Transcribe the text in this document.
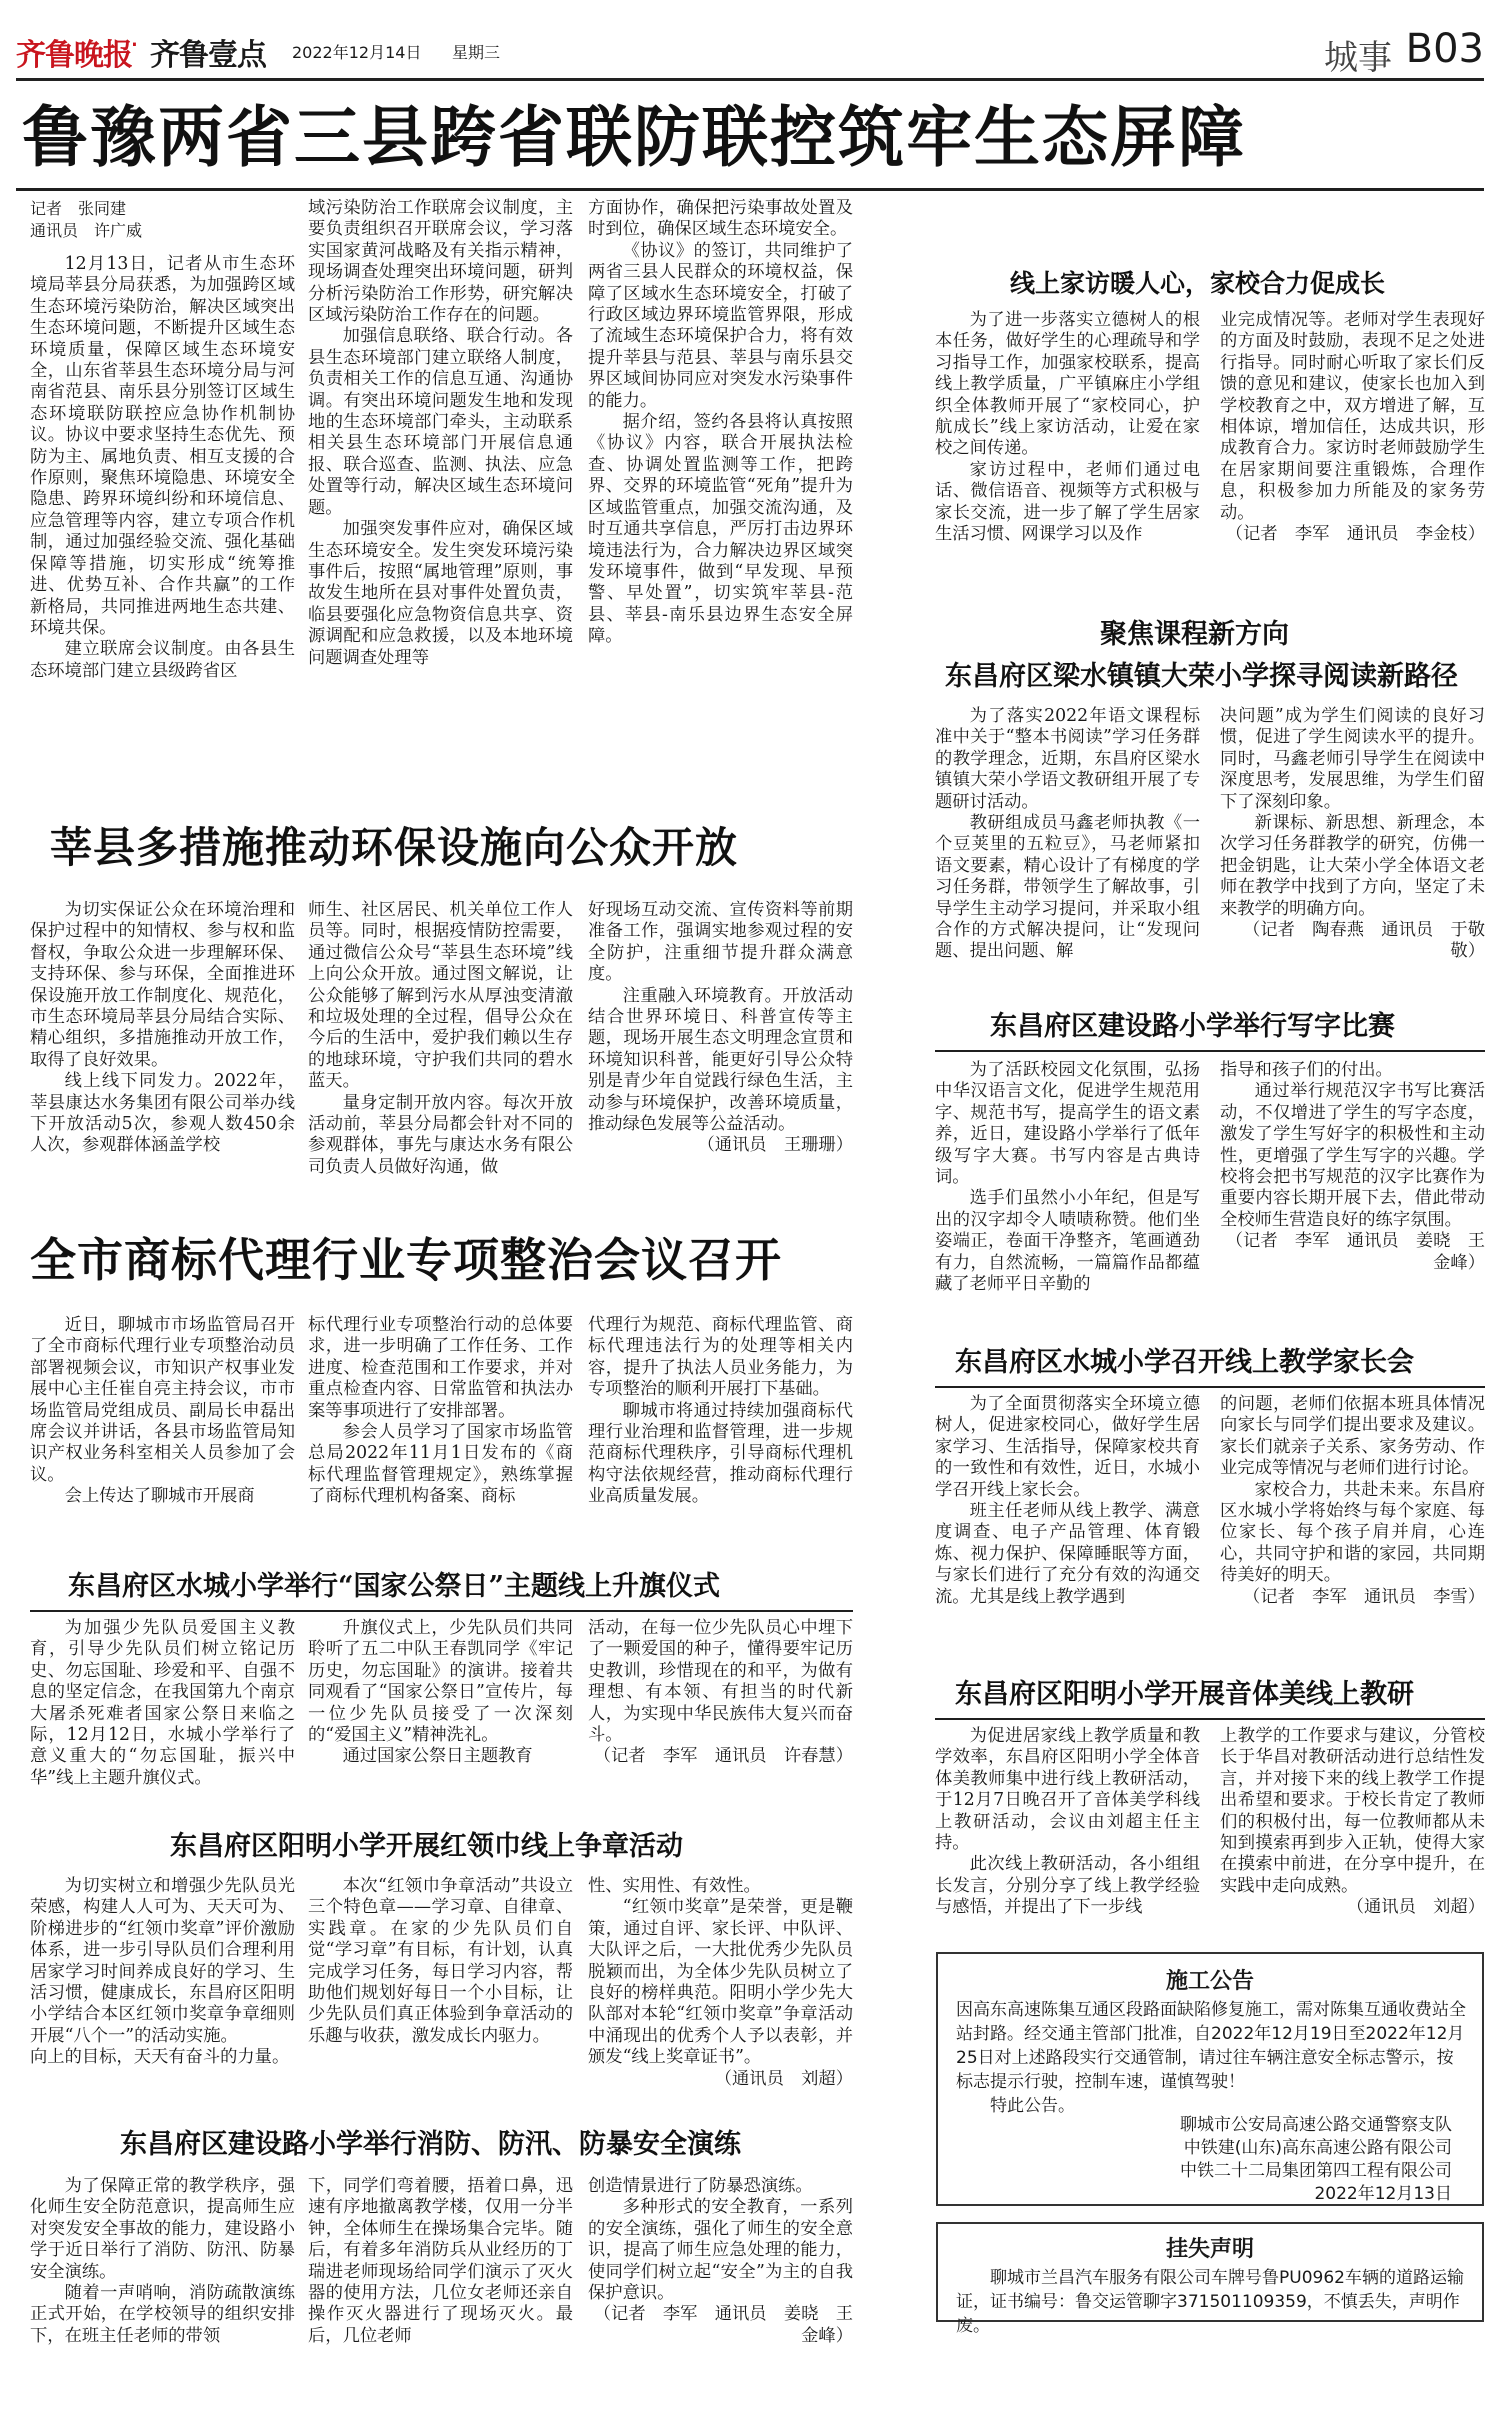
齐鲁晚报
· 齐鲁壹点 2022年12月14日 星期三	城事 B03
鲁豫两省三县跨省联防联控筑牢生态屏障
记者　张同建
通讯员　许广威

12月13日，记者从市生态环境局莘县分局获悉，为加强跨区域生态环境污染防治，解决区域突出生态环境问题，不断提升区域生态环境质量，保障区域生态环境安全，山东省莘县生态环境分局与河南省范县、南乐县分别签订区域生态环境联防联控应急协作机制协议。协议中要求坚持生态优先、预防为主、属地负责、相互支援的合作原则，聚焦环境隐患、环境安全隐患、跨界环境纠纷和环境信息、应急管理等内容，建立专项合作机制，通过加强经验交流、强化基础保障等措施，切实形成“统筹推进、优势互补、合作共赢”的工作新格局，共同推进两地生态共建、环境共保。

建立联席会议制度。由各县生态环境部门建立县级跨省区

域污染防治工作联席会议制度，主要负责组织召开联席会议，学习落实国家黄河战略及有关指示精神，现场调查处理突出环境问题，研判分析污染防治工作形势，研究解决区域污染防治工作存在的问题。

加强信息联络、联合行动。各县生态环境部门建立联络人制度，负责相关工作的信息互通、沟通协调。有突出环境问题发生地和发现地的生态环境部门牵头，主动联系相关县生态环境部门开展信息通报、联合巡查、监测、执法、应急处置等行动，解决区域生态环境问题。

加强突发事件应对，确保区域生态环境安全。发生突发环境污染事件后，按照“属地管理”原则，事故发生地所在县对事件处置负责，临县要强化应急物资信息共享、资源调配和应急救援，以及本地环境问题调查处理等

方面协作，确保把污染事故处置及时到位，确保区域生态环境安全。

《协议》的签订，共同维护了两省三县人民群众的环境权益，保障了区域水生态环境安全，打破了行政区域边界环境监管界限，形成了流域生态环境保护合力，将有效提升莘县与范县、莘县与南乐县交界区域间协同应对突发水污染事件的能力。

据介绍，签约各县将认真按照《协议》内容，联合开展执法检查、协调处置监测等工作，把跨界、交界的环境监管“死角”提升为区域监管重点，加强交流沟通，及时互通共享信息，严厉打击边界环境违法行为，合力解决边界区域突发环境事件，做到“早发现、早预警、早处置”，切实筑牢莘县-范县、莘县-南乐县边界生态安全屏障。

莘县多措施推动环保设施向公众开放

为切实保证公众在环境治理和保护过程中的知情权、参与权和监督权，争取公众进一步理解环保、支持环保、参与环保，全面推进环保设施开放工作制度化、规范化，市生态环境局莘县分局结合实际、精心组织，多措施推动开放工作，取得了良好效果。

线上线下同发力。2022年，莘县康达水务集团有限公司举办线下开放活动5次，参观人数450余人次，参观群体涵盖学校

师生、社区居民、机关单位工作人员等。同时，根据疫情防控需要，通过微信公众号“莘县生态环境”线上向公众开放。通过图文解说，让公众能够了解到污水从厚浊变清澈和垃圾处理的全过程，倡导公众在今后的生活中，爱护我们赖以生存的地球环境，守护我们共同的碧水蓝天。

量身定制开放内容。每次开放活动前，莘县分局都会针对不同的参观群体，事先与康达水务有限公司负责人员做好沟通，做

好现场互动交流、宣传资料等前期准备工作，强调实地参观过程的安全防护，注重细节提升群众满意度。

注重融入环境教育。开放活动结合世界环境日、科普宣传等主题，现场开展生态文明理念宣贯和环境知识科普，能更好引导公众特别是青少年自觉践行绿色生活，主动参与环境保护，改善环境质量，推动绿色发展等公益活动。

（通讯员　王珊珊）

全市商标代理行业专项整治会议召开

近日，聊城市市场监管局召开了全市商标代理行业专项整治动员部署视频会议，市知识产权事业发展中心主任崔自亮主持会议，市市场监管局党组成员、副局长申磊出席会议并讲话，各县市场监管局知识产权业务科室相关人员参加了会议。

会上传达了聊城市开展商

标代理行业专项整治行动的总体要求，进一步明确了工作任务、工作进度、检查范围和工作要求，并对重点检查内容、日常监管和执法办案等事项进行了安排部署。

参会人员学习了国家市场监管总局2022年11月1日发布的《商标代理监督管理规定》，熟练掌握了商标代理机构备案、商标

代理行为规范、商标代理监管、商标代理违法行为的处理等相关内容，提升了执法人员业务能力，为专项整治的顺利开展打下基础。

聊城市将通过持续加强商标代理行业治理和监督管理，进一步规范商标代理秩序，引导商标代理机构守法依规经营，推动商标代理行业高质量发展。

东昌府区水城小学举行“国家公祭日”主题线上升旗仪式

为加强少先队员爱国主义教育，引导少先队员们树立铭记历史、勿忘国耻、珍爱和平、自强不息的坚定信念，在我国第九个南京大屠杀死难者国家公祭日来临之际，12月12日，水城小学举行了意义重大的“勿忘国耻，振兴中华”线上主题升旗仪式。

升旗仪式上，少先队员们共同聆听了五二中队王春凯同学《牢记历史，勿忘国耻》的演讲。接着共同观看了“国家公祭日”宣传片，每一位少先队员接受了一次深刻的“爱国主义”精神洗礼。

通过国家公祭日主题教育

活动，在每一位少先队员心中埋下了一颗爱国的种子，懂得要牢记历史教训，珍惜现在的和平，为做有理想、有本领、有担当的时代新人，为实现中华民族伟大复兴而奋斗。

（记者　李军　通讯员　许春慧）

东昌府区阳明小学开展红领巾线上争章活动

为切实树立和增强少先队员光荣感，构建人人可为、天天可为、阶梯进步的“红领巾奖章”评价激励体系，进一步引导队员们合理利用居家学习时间养成良好的学习、生活习惯，健康成长，东昌府区阳明小学结合本区红领巾奖章争章细则开展“八个一”的活动实施。

向上的目标，天天有奋斗的力量。

本次“红领巾争章活动”共设立三个特色章——学习章、自律章、实践章。在家的少先队员们自觉“学习章”有目标，有计划，认真完成学习任务，每日学习内容，帮助他们规划好每日一个小目标，让少先队员们真正体验到争章活动的乐趣与收获，激发成长内驱力。

性、实用性、有效性。

“红领巾奖章”是荣誉，更是鞭策，通过自评、家长评、中队评、大队评之后，一大批优秀少先队员脱颖而出，为全体少先队员树立了良好的榜样典范。阳明小学少先大队部对本轮“红领巾奖章”争章活动中涌现出的优秀个人予以表彰，并颁发“线上奖章证书”。

（通讯员　刘超）

东昌府区建设路小学举行消防、防汛、防暴安全演练

为了保障正常的教学秩序，强化师生安全防范意识，提高师生应对突发安全事故的能力，建设路小学于近日举行了消防、防汛、防暴安全演练。

随着一声哨响，消防疏散演练正式开始，在学校领导的组织安排下，在班主任老师的带领

下，同学们弯着腰，捂着口鼻，迅速有序地撤离教学楼，仅用一分半钟，全体师生在操场集合完毕。随后，有着多年消防兵从业经历的丁瑞进老师现场给同学们演示了灭火器的使用方法，几位女老师还亲自操作灭火器进行了现场灭火。最后，几位老师

创造情景进行了防暴恐演练。

多种形式的安全教育，一系列的安全演练，强化了师生的安全意识，提高了师生应急处理的能力，使同学们树立起“安全”为主的自我保护意识。

（记者　李军　通讯员　姜晓　王金峰）

线上家访暖人心，家校合力促成长

为了进一步落实立德树人的根本任务，做好学生的心理疏导和学习指导工作，加强家校联系，提高线上教学质量，广平镇麻庄小学组织全体教师开展了“家校同心，护航成长”线上家访活动，让爱在家校之间传递。

家访过程中，老师们通过电话、微信语音、视频等方式积极与家长交流，进一步了解了学生居家生活习惯、网课学习以及作

业完成情况等。老师对学生表现好的方面及时鼓励，表现不足之处进行指导。同时耐心听取了家长们反馈的意见和建议，使家长也加入到学校教育之中，双方增进了解，互相体谅，增加信任，达成共识，形成教育合力。家访时老师鼓励学生在居家期间要注重锻炼，合理作息，积极参加力所能及的家务劳动。

（记者　李军　通讯员　李金枝）

聚焦课程新方向
东昌府区梁水镇镇大荣小学探寻阅读新路径

为了落实2022年语文课程标准中关于“整本书阅读”学习任务群的教学理念，近期，东昌府区梁水镇镇大荣小学语文教研组开展了专题研讨活动。

教研组成员马鑫老师执教《一个豆荚里的五粒豆》，马老师紧扣语文要素，精心设计了有梯度的学习任务群，带领学生了解故事，引导学生主动学习提问，并采取小组合作的方式解决提问，让“发现问题、提出问题、解

决问题”成为学生们阅读的良好习惯，促进了学生阅读水平的提升。同时，马鑫老师引导学生在阅读中深度思考，发展思维，为学生们留下了深刻印象。

新课标、新思想、新理念，本次学习任务群教学的研究，仿佛一把金钥匙，让大荣小学全体语文老师在教学中找到了方向，坚定了未来教学的明确方向。

（记者　陶春燕　通讯员　于敬敬）

东昌府区建设路小学举行写字比赛

为了活跃校园文化氛围，弘扬中华汉语言文化，促进学生规范用字、规范书写，提高学生的语文素养，近日，建设路小学举行了低年级写字大赛。书写内容是古典诗词。

选手们虽然小小年纪，但是写出的汉字却令人啧啧称赞。他们坐姿端正，卷面干净整齐，笔画遒劲有力，自然流畅，一篇篇作品都蕴藏了老师平日辛勤的

指导和孩子们的付出。

通过举行规范汉字书写比赛活动，不仅增进了学生的写字态度，激发了学生写好字的积极性和主动性，更增强了学生写字的兴趣。学校将会把书写规范的汉字比赛作为重要内容长期开展下去，借此带动全校师生营造良好的练字氛围。

（记者　李军　通讯员　姜晓　王金峰）

东昌府区水城小学召开线上教学家长会

为了全面贯彻落实全环境立德树人，促进家校同心，做好学生居家学习、生活指导，保障家校共育的一致性和有效性，近日，水城小学召开线上家长会。

班主任老师从线上教学、满意度调查、电子产品管理、体育锻炼、视力保护、保障睡眠等方面，与家长们进行了充分有效的沟通交流。尤其是线上教学遇到

的问题，老师们依据本班具体情况向家长与同学们提出要求及建议。家长们就亲子关系、家务劳动、作业完成等情况与老师们进行讨论。

家校合力，共赴未来。东昌府区水城小学将始终与每个家庭、每位家长、每个孩子肩并肩，心连心，共同守护和谐的家园，共同期待美好的明天。

（记者　李军　通讯员　李雪）

东昌府区阳明小学开展音体美线上教研

为促进居家线上教学质量和教学效率，东昌府区阳明小学全体音体美教师集中进行线上教研活动，于12月7日晚召开了音体美学科线上教研活动，会议由刘超主任主持。

此次线上教研活动，各小组组长发言，分别分享了线上教学经验与感悟，并提出了下一步线

上教学的工作要求与建议，分管校长于华昌对教研活动进行总结性发言，并对接下来的线上教学工作提出希望和要求。于校长肯定了教师们的积极付出，每一位教师都从未知到摸索再到步入正轨，使得大家在摸索中前进，在分享中提升，在实践中走向成熟。

（通讯员　刘超）

施工公告
因高东高速陈集互通区段路面缺陷修复施工，需对陈集互通收费站全站封路。经交通主管部门批准，自2022年12月19日至2022年12月25日对上述路段实行交通管制，请过往车辆注意安全标志警示，按标志提示行驶，控制车速，谨慎驾驶！
特此公告。
聊城市公安局高速公路交通警察支队
中铁建(山东)高东高速公路有限公司
中铁二十二局集团第四工程有限公司
2022年12月13日
挂失声明
聊城市兰昌汽车服务有限公司车牌号鲁PU0962车辆的道路运输证，证书编号：鲁交运管聊字371501109359，不慎丢失，声明作废。
